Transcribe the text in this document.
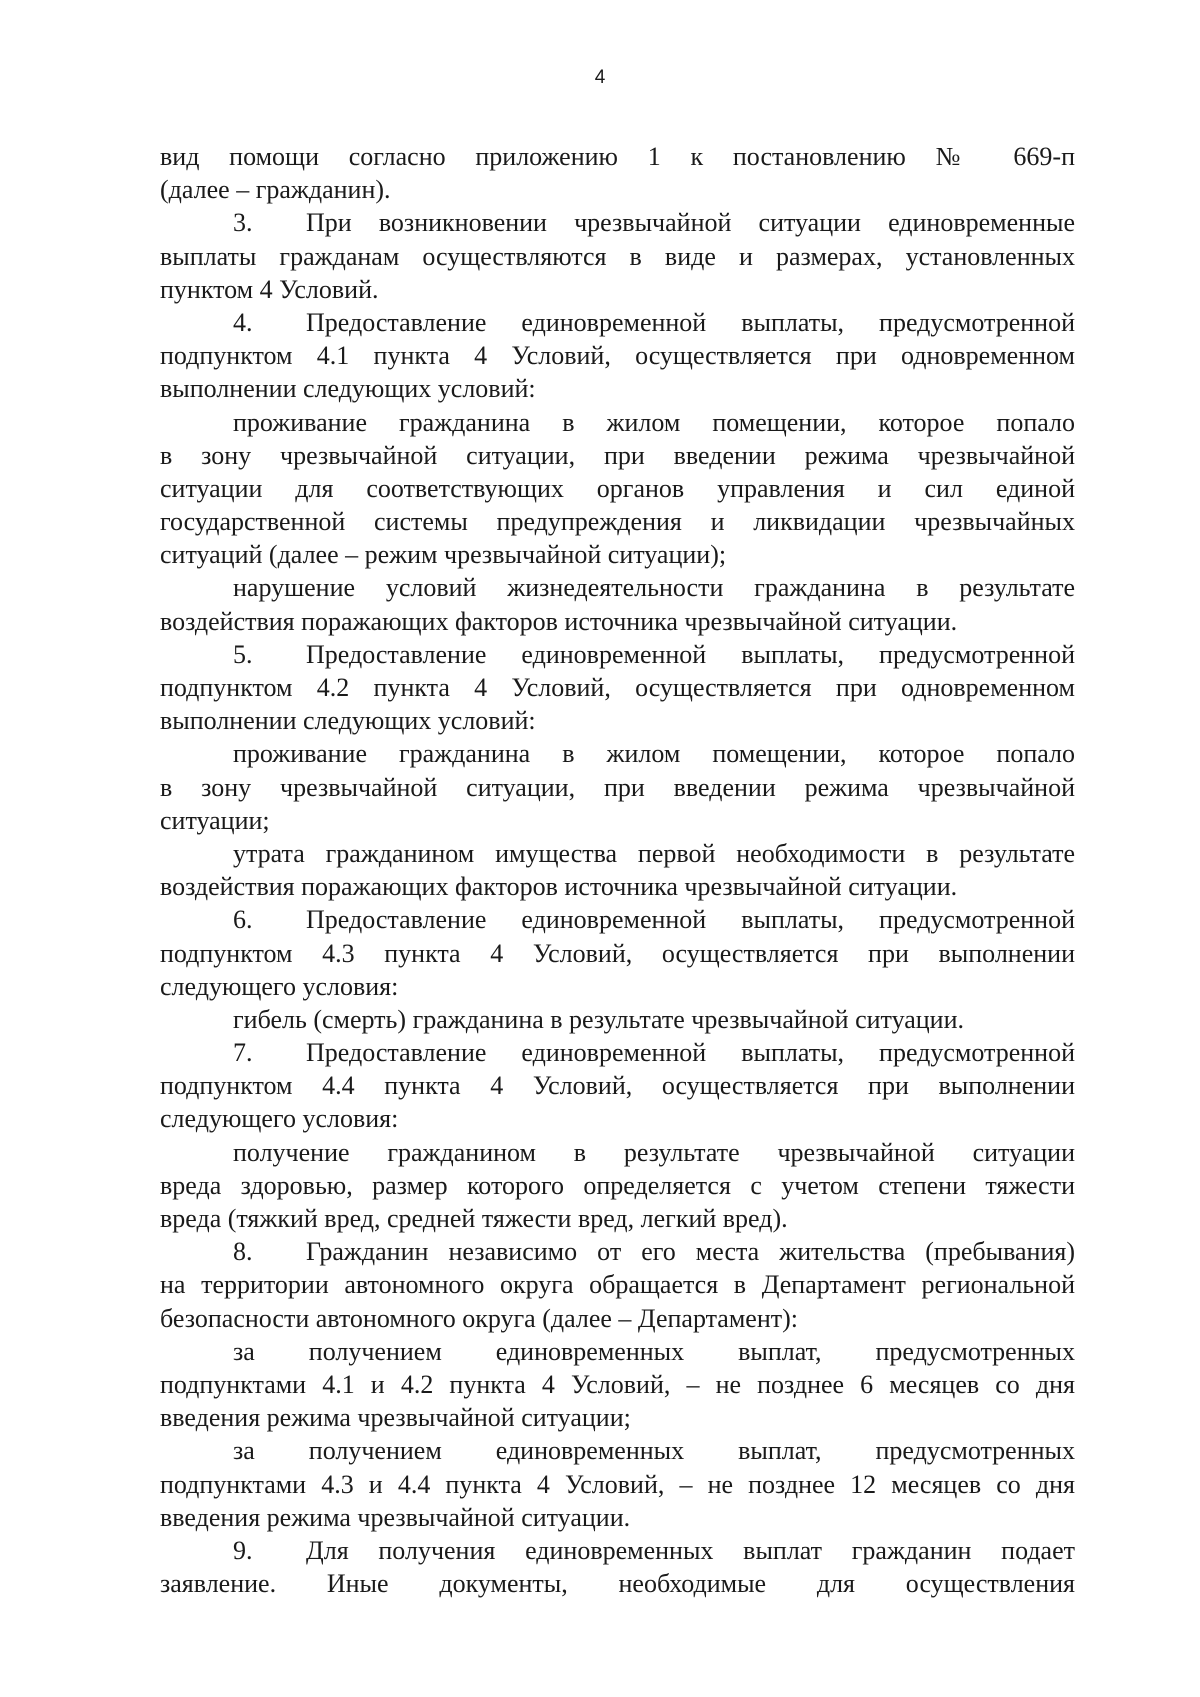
4
вид помощи согласно приложению 1 к постановлению № 669-п
(далее – гражданин).
3. При возникновении чрезвычайной ситуации единовременные
выплаты гражданам осуществляются в виде и размерах, установленных
пунктом 4 Условий.
4. Предоставление единовременной выплаты, предусмотренной
подпунктом 4.1 пункта 4 Условий, осуществляется при одновременном
выполнении следующих условий:
проживание гражданина в жилом помещении, которое попало
в зону чрезвычайной ситуации, при введении режима чрезвычайной
ситуации для соответствующих органов управления и сил единой
государственной системы предупреждения и ликвидации чрезвычайных
ситуаций (далее – режим чрезвычайной ситуации);
нарушение условий жизнедеятельности гражданина в результате
воздействия поражающих факторов источника чрезвычайной ситуации.
5. Предоставление единовременной выплаты, предусмотренной
подпунктом 4.2 пункта 4 Условий, осуществляется при одновременном
выполнении следующих условий:
проживание гражданина в жилом помещении, которое попало
в зону чрезвычайной ситуации, при введении режима чрезвычайной
ситуации;
утрата гражданином имущества первой необходимости в результате
воздействия поражающих факторов источника чрезвычайной ситуации.
6. Предоставление единовременной выплаты, предусмотренной
подпунктом 4.3 пункта 4 Условий, осуществляется при выполнении
следующего условия:
гибель (смерть) гражданина в результате чрезвычайной ситуации.
7. Предоставление единовременной выплаты, предусмотренной
подпунктом 4.4 пункта 4 Условий, осуществляется при выполнении
следующего условия:
получение гражданином в результате чрезвычайной ситуации
вреда здоровью, размер которого определяется с учетом степени тяжести
вреда (тяжкий вред, средней тяжести вред, легкий вред).
8. Гражданин независимо от его места жительства (пребывания)
на территории автономного округа обращается в Департамент региональной
безопасности автономного округа (далее – Департамент):
за получением единовременных выплат, предусмотренных
подпунктами 4.1 и 4.2 пункта 4 Условий, – не позднее 6 месяцев со дня
введения режима чрезвычайной ситуации;
за получением единовременных выплат, предусмотренных
подпунктами 4.3 и 4.4 пункта 4 Условий, – не позднее 12 месяцев со дня
введения режима чрезвычайной ситуации.
9. Для получения единовременных выплат гражданин подает
заявление. Иные документы, необходимые для осуществления
